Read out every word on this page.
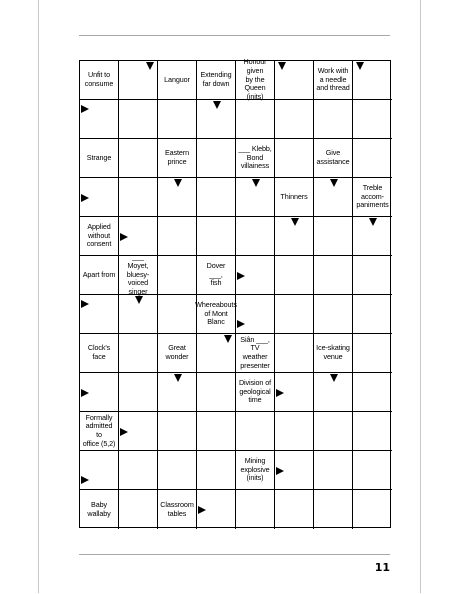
Unfit to
consume	Languor	Extending
far down
Honour given
by the Queen
(inits)
Work with
a needle
and thread
Strange	Eastern
prince
___ Klebb,
Bond
villainess
Give
assistance
Thinners
Treble
accom-
paniments
Applied
without
consent
Apart from
___ Moyet,
bluesy-
voiced singer
Dover ___,
fish
Whereabouts
of Mont
Blanc
Clock's face
Great
wonder
Siân ___,
TV weather
presenter
Ice-skating
venue
Division of
geological
time
Formally
admitted to
office (5,2)
Mining
explosive
(inits)
Baby
wallaby
Classroom
tables
11
